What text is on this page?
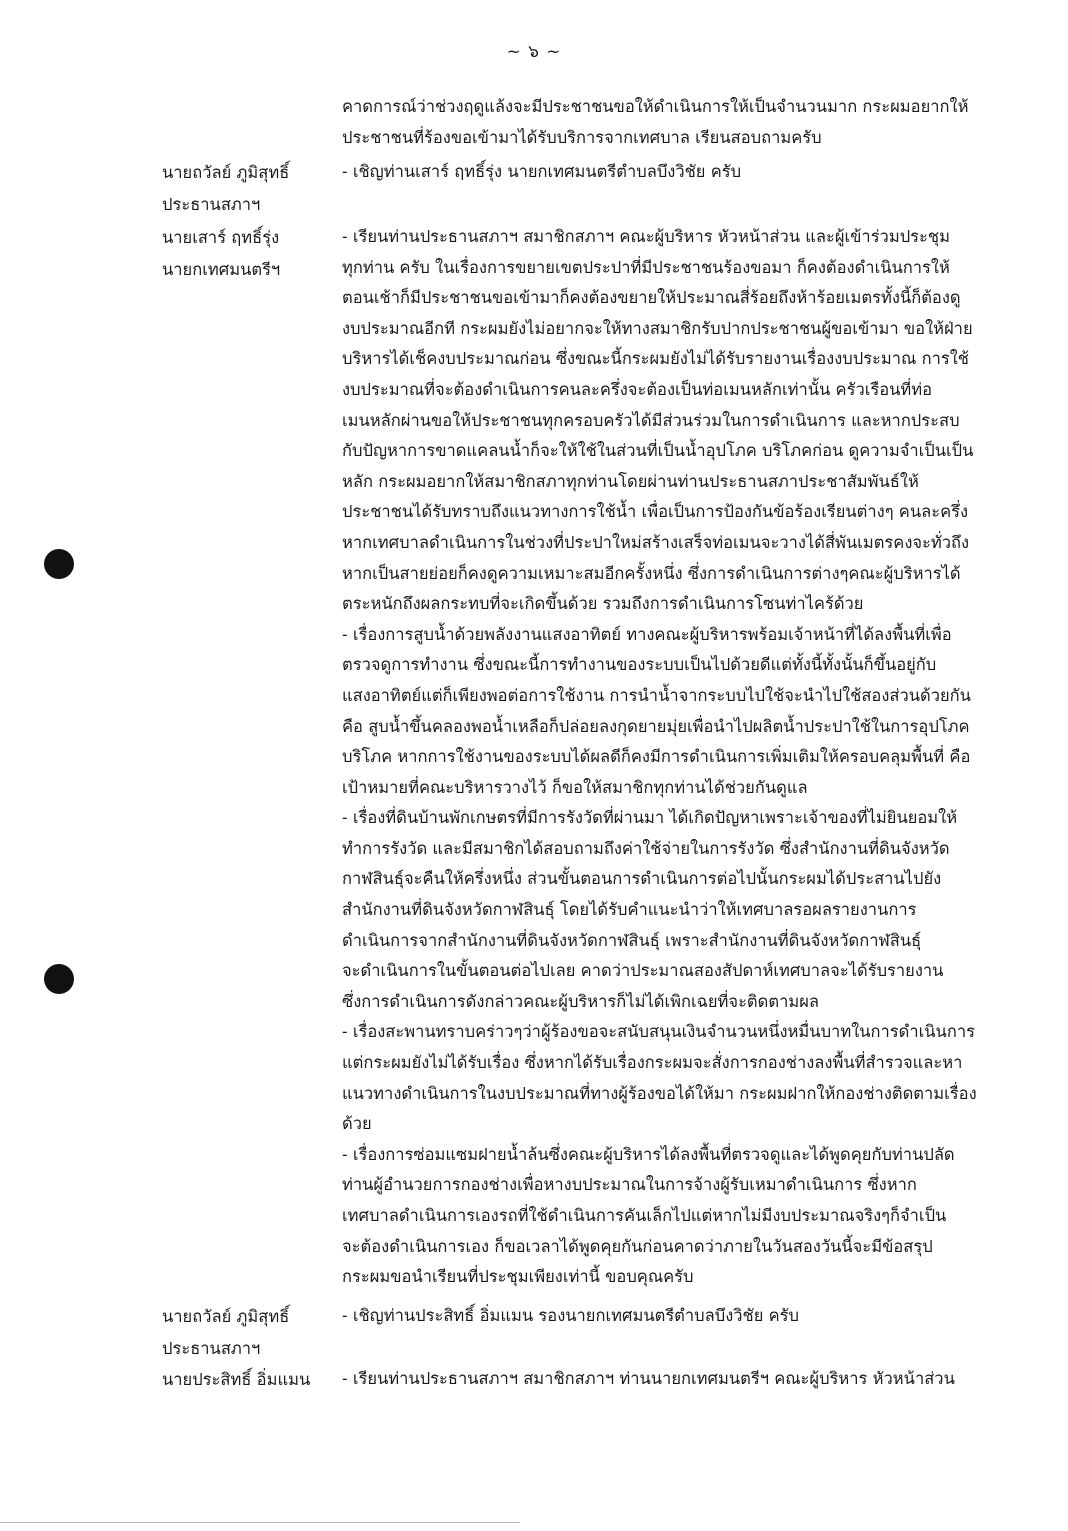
~ ๖ ~
คาดการณ์ว่าช่วงฤดูแล้งจะมีประชาชนขอให้ดำเนินการให้เป็นจำนวนมาก กระผมอยากให้
ประชาชนที่ร้องขอเข้ามาได้รับบริการจากเทศบาล เรียนสอบถามครับ
นายถวัลย์ ภูมิสุทธิ์
ประธานสภาฯ
- เชิญท่านเสาร์ ฤทธิ์รุ่ง นายกเทศมนตรีตำบลบึงวิชัย ครับ
นายเสาร์ ฤทธิ์รุ่ง
นายกเทศมนตรีฯ
- เรียนท่านประธานสภาฯ สมาชิกสภาฯ คณะผู้บริหาร หัวหน้าส่วน และผู้เข้าร่วมประชุม
ทุกท่าน ครับ ในเรื่องการขยายเขตประปาที่มีประชาชนร้องขอมา ก็คงต้องดำเนินการให้
ตอนเช้าก็มีประชาชนขอเข้ามาก็คงต้องขยายให้ประมาณสี่ร้อยถึงห้าร้อยเมตรทั้งนี้ก็ต้องดู
งบประมาณอีกที กระผมยังไม่อยากจะให้ทางสมาชิกรับปากประชาชนผู้ขอเข้ามา ขอให้ฝ่าย
บริหารได้เช็คงบประมาณก่อน ซึ่งขณะนี้กระผมยังไม่ได้รับรายงานเรื่องงบประมาณ การใช้
งบประมาณที่จะต้องดำเนินการคนละครึ่งจะต้องเป็นท่อเมนหลักเท่านั้น ครัวเรือนที่ท่อ
เมนหลักผ่านขอให้ประชาชนทุกครอบครัวได้มีส่วนร่วมในการดำเนินการ และหากประสบ
กับปัญหาการขาดแคลนน้ำก็จะให้ใช้ในส่วนที่เป็นน้ำอุปโภค บริโภคก่อน ดูความจำเป็นเป็น
หลัก กระผมอยากให้สมาชิกสภาทุกท่านโดยผ่านท่านประธานสภาประชาสัมพันธ์ให้
ประชาชนได้รับทราบถึงแนวทางการใช้น้ำ เพื่อเป็นการป้องกันข้อร้องเรียนต่างๆ คนละครึ่ง
หากเทศบาลดำเนินการในช่วงที่ประปาใหม่สร้างเสร็จท่อเมนจะวางได้สี่พันเมตรคงจะทั่วถึง
หากเป็นสายย่อยก็คงดูความเหมาะสมอีกครั้งหนึ่ง ซึ่งการดำเนินการต่างๆคณะผู้บริหารได้
ตระหนักถึงผลกระทบที่จะเกิดขึ้นด้วย รวมถึงการดำเนินการโซนท่าไคร้ด้วย
- เรื่องการสูบน้ำด้วยพลังงานแสงอาทิตย์ ทางคณะผู้บริหารพร้อมเจ้าหน้าที่ได้ลงพื้นที่เพื่อ
ตรวจดูการทำงาน ซึ่งขณะนี้การทำงานของระบบเป็นไปด้วยดีแต่ทั้งนี้ทั้งนั้นก็ขึ้นอยู่กับ
แสงอาทิตย์แต่ก็เพียงพอต่อการใช้งาน การนำน้ำจากระบบไปใช้จะนำไปใช้สองส่วนด้วยกัน
คือ สูบน้ำขึ้นคลองพอน้ำเหลือก็ปล่อยลงกุดยายมุ่ยเพื่อนำไปผลิตน้ำประปาใช้ในการอุปโภค
บริโภค หากการใช้งานของระบบได้ผลดีก็คงมีการดำเนินการเพิ่มเติมให้ครอบคลุมพื้นที่ คือ
เป้าหมายที่คณะบริหารวางไว้ ก็ขอให้สมาชิกทุกท่านได้ช่วยกันดูแล
- เรื่องที่ดินบ้านพักเกษตรที่มีการรังวัดที่ผ่านมา ได้เกิดปัญหาเพราะเจ้าของที่ไม่ยินยอมให้
ทำการรังวัด และมีสมาชิกได้สอบถามถึงค่าใช้จ่ายในการรังวัด ซึ่งสำนักงานที่ดินจังหวัด
กาฬสินธุ์จะคืนให้ครึ่งหนึ่ง ส่วนขั้นตอนการดำเนินการต่อไปนั้นกระผมได้ประสานไปยัง
สำนักงานที่ดินจังหวัดกาฬสินธุ์ โดยได้รับคำแนะนำว่าให้เทศบาลรอผลรายงานการ
ดำเนินการจากสำนักงานที่ดินจังหวัดกาฬสินธุ์ เพราะสำนักงานที่ดินจังหวัดกาฬสินธุ์
จะดำเนินการในขั้นตอนต่อไปเลย คาดว่าประมาณสองสัปดาห์เทศบาลจะได้รับรายงาน
ซึ่งการดำเนินการดังกล่าวคณะผู้บริหารก็ไม่ได้เพิกเฉยที่จะติดตามผล
- เรื่องสะพานทราบคร่าวๆว่าผู้ร้องขอจะสนับสนุนเงินจำนวนหนึ่งหมื่นบาทในการดำเนินการ
แต่กระผมยังไม่ได้รับเรื่อง ซึ่งหากได้รับเรื่องกระผมจะสั่งการกองช่างลงพื้นที่สำรวจและหา
แนวทางดำเนินการในงบประมาณที่ทางผู้ร้องขอได้ให้มา กระผมฝากให้กองช่างติดตามเรื่อง
ด้วย
- เรื่องการซ่อมแซมฝายน้ำล้นซึ่งคณะผู้บริหารได้ลงพื้นที่ตรวจดูและได้พูดคุยกับท่านปลัด
ท่านผู้อำนวยการกองช่างเพื่อหางบประมาณในการจ้างผู้รับเหมาดำเนินการ ซึ่งหาก
เทศบาลดำเนินการเองรถที่ใช้ดำเนินการคันเล็กไปแต่หากไม่มีงบประมาณจริงๆก็จำเป็น
จะต้องดำเนินการเอง ก็ขอเวลาได้พูดคุยกันก่อนคาดว่าภายในวันสองวันนี้จะมีข้อสรุป
กระผมขอนำเรียนที่ประชุมเพียงเท่านี้ ขอบคุณครับ
นายถวัลย์ ภูมิสุทธิ์
ประธานสภาฯ
- เชิญท่านประสิทธิ์ อิ่มแมน รองนายกเทศมนตรีตำบลบึงวิชัย ครับ
นายประสิทธิ์ อิ่มแมน	- เรียนท่านประธานสภาฯ สมาชิกสภาฯ ท่านนายกเทศมนตรีฯ คณะผู้บริหาร หัวหน้าส่วน
